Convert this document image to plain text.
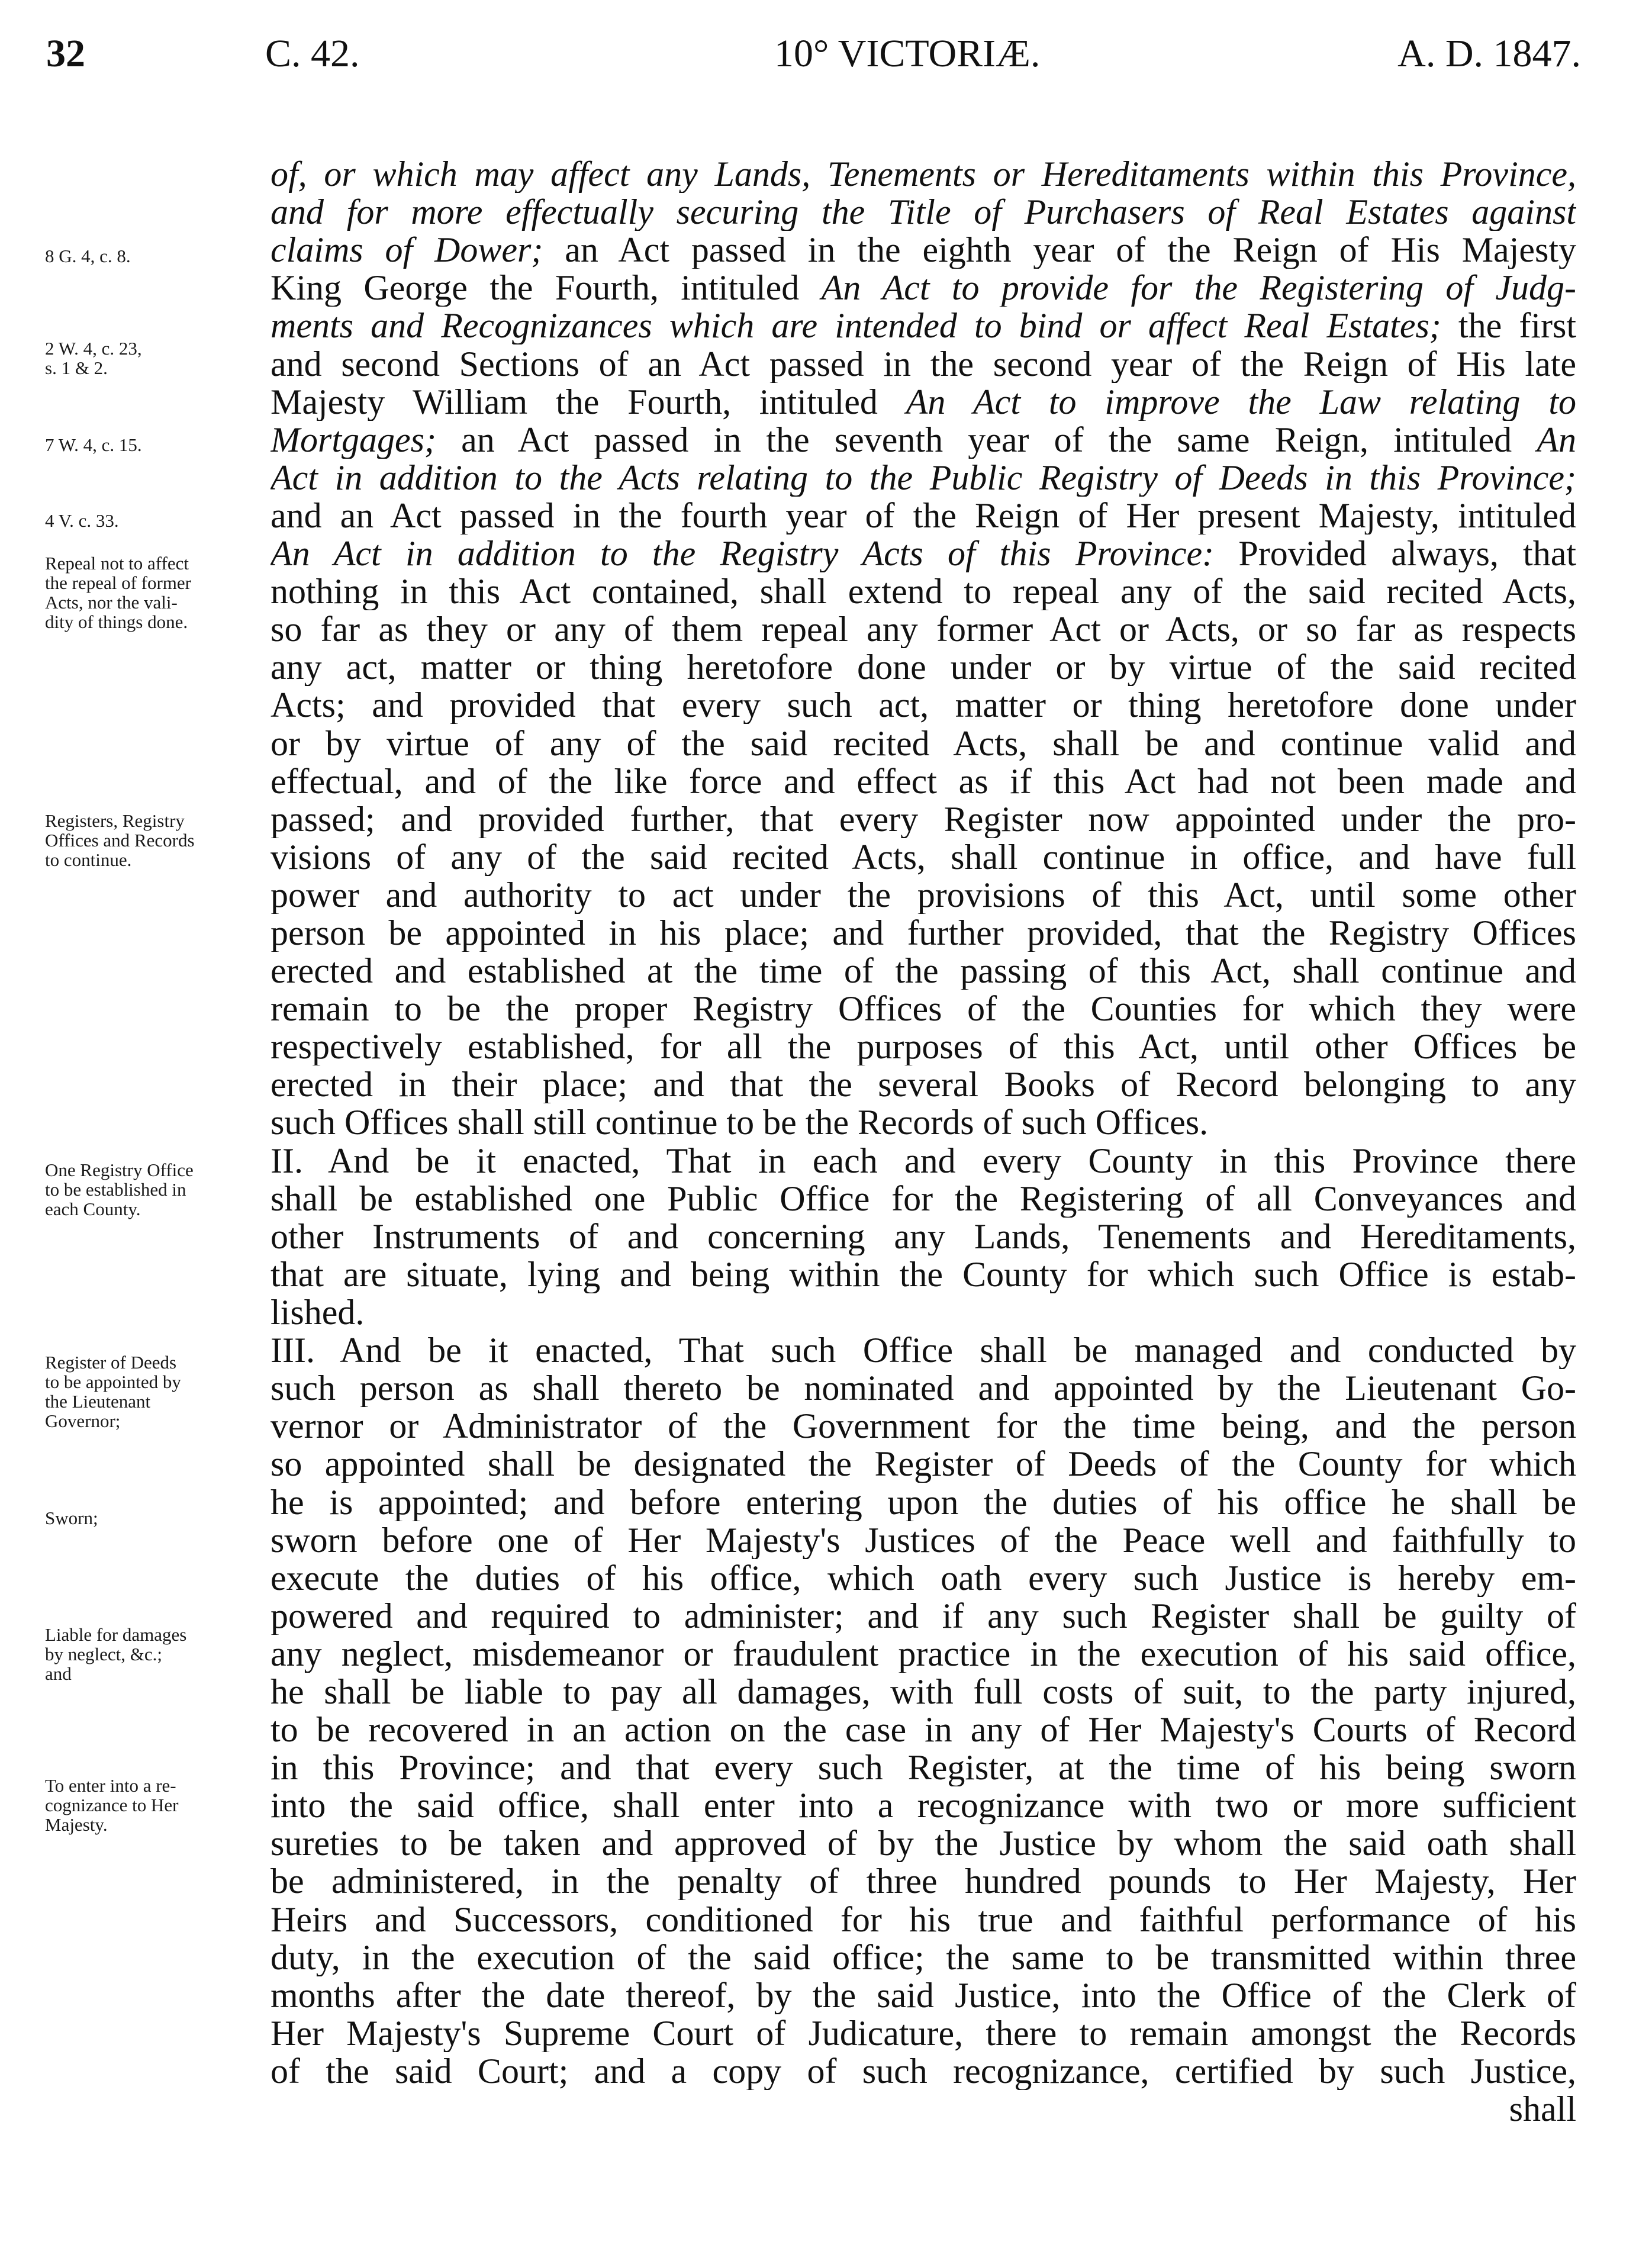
32	C. 42.	10° VICTORIÆ.	A. D. 1847.
of, or which may affect any Lands, Tenements or Hereditaments within this Province,
and for more effectually securing the Title of Purchasers of Real Estates against
claims of Dower; an Act passed in the eighth year of the Reign of His Majesty
King George the Fourth, intituled An Act to provide for the Registering of Judg-
ments and Recognizances which are intended to bind or affect Real Estates; the first
and second Sections of an Act passed in the second year of the Reign of His late
Majesty William the Fourth, intituled An Act to improve the Law relating to
Mortgages; an Act passed in the seventh year of the same Reign, intituled An
Act in addition to the Acts relating to the Public Registry of Deeds in this Province;
and an Act passed in the fourth year of the Reign of Her present Majesty, intituled
An Act in addition to the Registry Acts of this Province: Provided always, that
nothing in this Act contained, shall extend to repeal any of the said recited Acts,
so far as they or any of them repeal any former Act or Acts, or so far as respects
any act, matter or thing heretofore done under or by virtue of the said recited
Acts; and provided that every such act, matter or thing heretofore done under
or by virtue of any of the said recited Acts, shall be and continue valid and
effectual, and of the like force and effect as if this Act had not been made and
passed; and provided further, that every Register now appointed under the pro-
visions of any of the said recited Acts, shall continue in office, and have full
power and authority to act under the provisions of this Act, until some other
person be appointed in his place; and further provided, that the Registry Offices
erected and established at the time of the passing of this Act, shall continue and
remain to be the proper Registry Offices of the Counties for which they were
respectively established, for all the purposes of this Act, until other Offices be
erected in their place; and that the several Books of Record belonging to any
such Offices shall still continue to be the Records of such Offices.
II. And be it enacted, That in each and every County in this Province there
shall be established one Public Office for the Registering of all Conveyances and
other Instruments of and concerning any Lands, Tenements and Hereditaments,
that are situate, lying and being within the County for which such Office is estab-
lished.
III. And be it enacted, That such Office shall be managed and conducted by
such person as shall thereto be nominated and appointed by the Lieutenant Go-
vernor or Administrator of the Government for the time being, and the person
so appointed shall be designated the Register of Deeds of the County for which
he is appointed; and before entering upon the duties of his office he shall be
sworn before one of Her Majesty's Justices of the Peace well and faithfully to
execute the duties of his office, which oath every such Justice is hereby em-
powered and required to administer; and if any such Register shall be guilty of
any neglect, misdemeanor or fraudulent practice in the execution of his said office,
he shall be liable to pay all damages, with full costs of suit, to the party injured,
to be recovered in an action on the case in any of Her Majesty's Courts of Record
in this Province; and that every such Register, at the time of his being sworn
into the said office, shall enter into a recognizance with two or more sufficient
sureties to be taken and approved of by the Justice by whom the said oath shall
be administered, in the penalty of three hundred pounds to Her Majesty, Her
Heirs and Successors, conditioned for his true and faithful performance of his
duty, in the execution of the said office; the same to be transmitted within three
months after the date thereof, by the said Justice, into the Office of the Clerk of
Her Majesty's Supreme Court of Judicature, there to remain amongst the Records
of the said Court; and a copy of such recognizance, certified by such Justice,
shall
8 G. 4, c. 8.
2 W. 4, c. 23,
s. 1 & 2.
7 W. 4, c. 15.
4 V. c. 33.
Repeal not to affect
the repeal of former
Acts, nor the vali-
dity of things done.
Registers, Registry
Offices and Records
to continue.
One Registry Office
to be established in
each County.
Register of Deeds
to be appointed by
the Lieutenant
Governor;
Sworn;
Liable for damages
by neglect, &c.;
and
To enter into a re-
cognizance to Her
Majesty.
